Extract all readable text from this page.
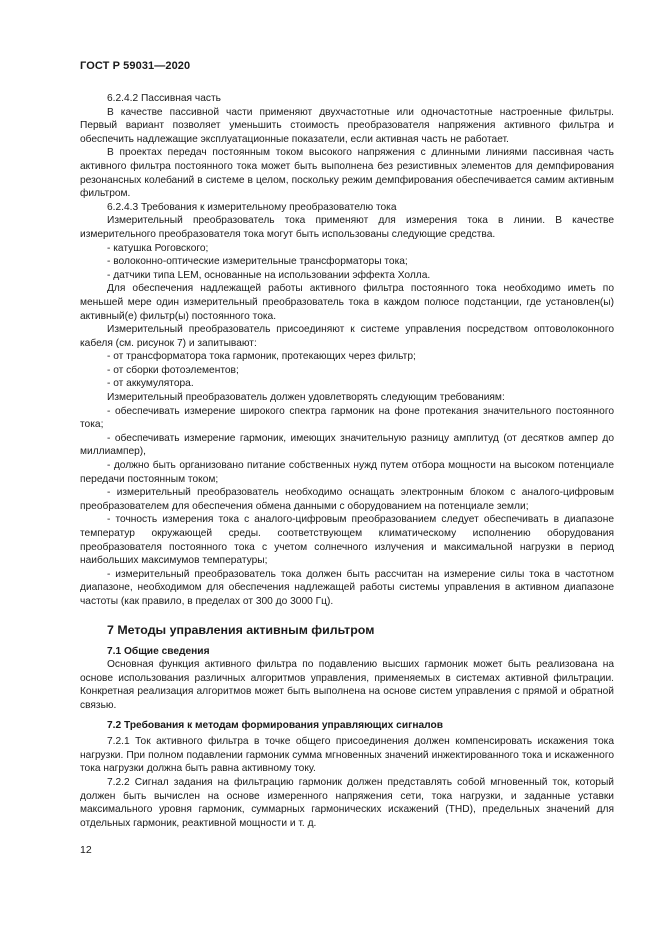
ГОСТ Р 59031—2020

6.2.4.2 Пассивная часть

В качестве пассивной части применяют двухчастотные или одночастотные настроенные фильтры. Первый вариант позволяет уменьшить стоимость преобразователя напряжения активного фильтра и обеспечить надлежащие эксплуатационные показатели, если активная часть не работает.

В проектах передач постоянным током высокого напряжения с длинными линиями пассивная часть активного фильтра постоянного тока может быть выполнена без резистивных элементов для демпфирования резонансных колебаний в системе в целом, поскольку режим демпфирования обеспечивается самим активным фильтром.

6.2.4.3 Требования к измерительному преобразователю тока

Измерительный преобразователь тока применяют для измерения тока в линии. В качестве измерительного преобразователя тока могут быть использованы следующие средства.

- катушка Роговского;

- волоконно-оптические измерительные трансформаторы тока;

- датчики типа LEM, основанные на использовании эффекта Холла.

Для обеспечения надлежащей работы активного фильтра постоянного тока необходимо иметь по меньшей мере один измерительный преобразователь тока в каждом полюсе подстанции, где установлен(ы) активный(е) фильтр(ы) постоянного тока.

Измерительный преобразователь присоединяют к системе управления посредством оптоволоконного кабеля (см. рисунок 7) и запитывают:

- от трансформатора тока гармоник, протекающих через фильтр;

- от сборки фотоэлементов;

- от аккумулятора.

Измерительный преобразователь должен удовлетворять следующим требованиям:

- обеспечивать измерение широкого спектра гармоник на фоне протекания значительного постоянного тока;

- обеспечивать измерение гармоник, имеющих значительную разницу амплитуд (от десятков ампер до миллиампер),

- должно быть организовано питание собственных нужд путем отбора мощности на высоком потенциале передачи постоянным током;

- измерительный преобразователь необходимо оснащать электронным блоком с аналого-цифровым преобразователем для обеспечения обмена данными с оборудованием на потенциале земли;

- точность измерения тока с аналого-цифровым преобразованием следует обеспечивать в диапазоне температур окружающей среды. соответствующем климатическому исполнению оборудования преобразователя постоянного тока с учетом солнечного излучения и максимальной нагрузки в период наибольших максимумов температуры;

- измерительный преобразователь тока должен быть рассчитан на измерение силы тока в частотном диапазоне, необходимом для обеспечения надлежащей работы системы управления в активном диапазоне частоты (как правило, в пределах от 300 до 3000 Гц).

7 Методы управления активным фильтром
7.1 Общие сведения

Основная функция активного фильтра по подавлению высших гармоник может быть реализована на основе использования различных алгоритмов управления, применяемых в системах активной фильтрации. Конкретная реализация алгоритмов может быть выполнена на основе систем управления с прямой и обратной связью.

7.2 Требования к методам формирования управляющих сигналов

7.2.1 Ток активного фильтра в точке общего присоединения должен компенсировать искажения тока нагрузки. При полном подавлении гармоник сумма мгновенных значений инжектированного тока и искаженного тока нагрузки должна быть равна активному току.

7.2.2 Сигнал задания на фильтрацию гармоник должен представлять собой мгновенный ток, который должен быть вычислен на основе измеренного напряжения сети, тока нагрузки, и заданные уставки максимального уровня гармоник, суммарных гармонических искажений (THD), предельных значений для отдельных гармоник, реактивной мощности и т. д.

12
